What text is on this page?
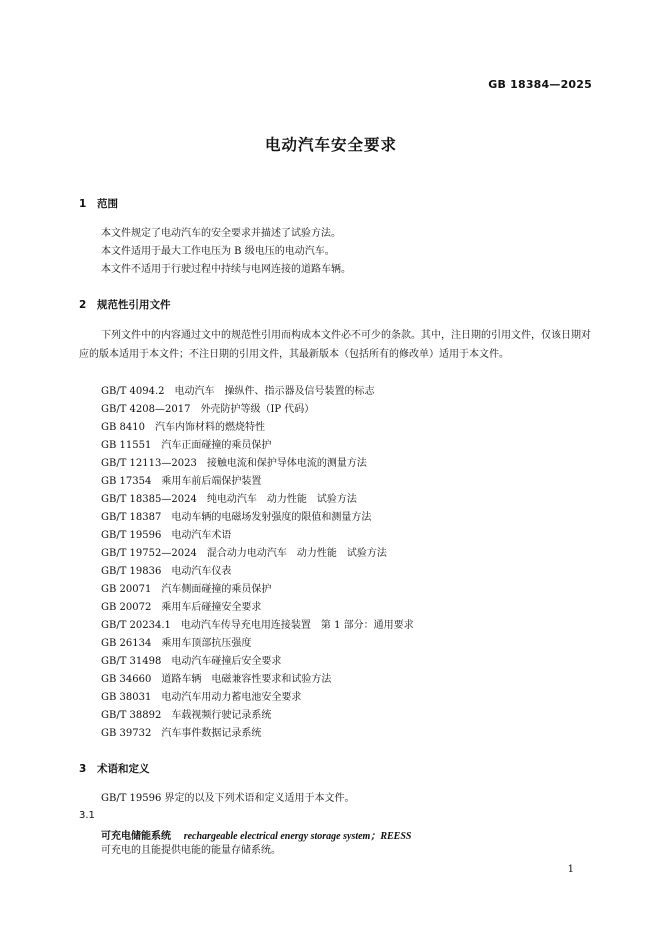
GB 18384—2025
电动汽车安全要求
1 范围
本文件规定了电动汽车的安全要求并描述了试验方法。
本文件适用于最大工作电压为 B 级电压的电动汽车。
本文件不适用于行驶过程中持续与电网连接的道路车辆。
2 规范性引用文件
下列文件中的内容通过文中的规范性引用而构成本文件必不可少的条款。其中，注日期的引用文件，仅该日期对应的版本适用于本文件；不注日期的引用文件，其最新版本（包括所有的修改单）适用于本文件。
GB/T 4094.2　电动汽车　操纵件、指示器及信号装置的标志
GB/T 4208—2017　外壳防护等级（IP 代码）
GB 8410　汽车内饰材料的燃烧特性
GB 11551　汽车正面碰撞的乘员保护
GB/T 12113—2023　接触电流和保护导体电流的测量方法
GB 17354　乘用车前后端保护装置
GB/T 18385—2024　纯电动汽车　动力性能　试验方法
GB/T 18387　电动车辆的电磁场发射强度的限值和测量方法
GB/T 19596　电动汽车术语
GB/T 19752—2024　混合动力电动汽车　动力性能　试验方法
GB/T 19836　电动汽车仪表
GB 20071　汽车侧面碰撞的乘员保护
GB 20072　乘用车后碰撞安全要求
GB/T 20234.1　电动汽车传导充电用连接装置　第 1 部分：通用要求
GB 26134　乘用车顶部抗压强度
GB/T 31498　电动汽车碰撞后安全要求
GB 34660　道路车辆　电磁兼容性要求和试验方法
GB 38031　电动汽车用动力蓄电池安全要求
GB/T 38892　车载视频行驶记录系统
GB 39732　汽车事件数据记录系统
3 术语和定义
GB/T 19596 界定的以及下列术语和定义适用于本文件。
3.1
可充电储能系统 rechargeable electrical energy storage system；REESS
可充电的且能提供电能的能量存储系统。
1
